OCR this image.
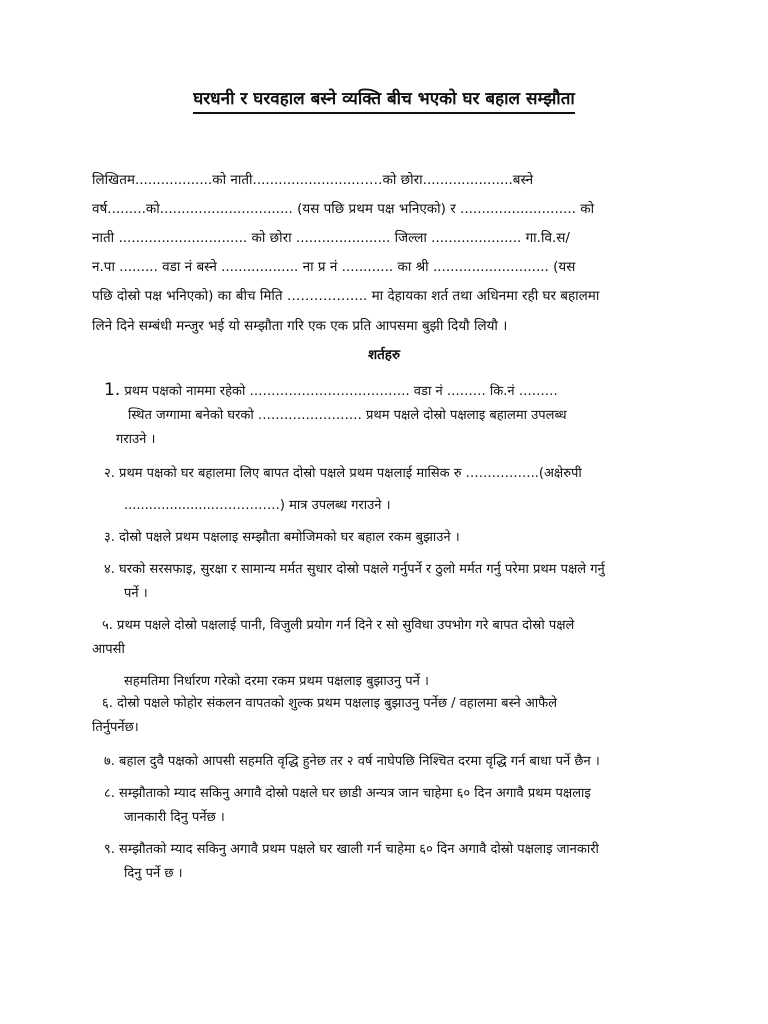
घरधनी र घरवहाल बस्ने व्यक्ति बीच भएको घर बहाल सम्झौता
लिखितम..................को नाती........................……को छोरा.....................बस्ने
वर्ष.........को............................... (यस पछि प्रथम पक्ष भनिएको) र ........................... को
नाती .............................. को छोरा ...................... जिल्ला ..................... गा.वि.स/
न.पा ......... वडा नं बस्ने .................. ना प्र नं ............ का श्री ........................... (यस
पछि दोस्रो पक्ष भनिएको) का बीच मिति ……………... मा देहायका शर्त तथा अधिनमा रही घर बहालमा
लिने दिने सम्बंधी मन्जुर भई यो सम्झौता गरि एक एक प्रति आपसमा बुझी दियौ लियौ ।
शर्तहरु
1. प्रथम पक्षको नाममा रहेको ………………………………. वडा नं ……… कि.नं ………
स्थित जग्गामा बनेको घरको …………………… प्रथम पक्षले दोस्रो पक्षलाइ बहालमा उपलब्ध
गराउने ।
२. प्रथम पक्षको घर बहालमा लिए बापत दोस्रो पक्षले प्रथम पक्षलाई मासिक रु ……………..(अक्षेरुपी
......................……………) मात्र उपलब्ध गराउने ।
३. दोस्रो पक्षले प्रथम पक्षलाइ सम्झौता बमोजिमको घर बहाल रकम बुझाउने ।
४. घरको सरसफाइ, सुरक्षा र सामान्य मर्मत सुधार दोस्रो पक्षले गर्नुपर्ने र ठुलो मर्मत गर्नु परेमा प्रथम पक्षले गर्नु
पर्ने ।
५. प्रथम पक्षले दोस्रो पक्षलाई पानी, विजुली प्रयोग गर्न दिने र सो सुविधा उपभोग गरे बापत दोस्रो पक्षले
आपसी
सहमतिमा निर्धारण गरेको दरमा रकम प्रथम पक्षलाइ बुझाउनु पर्ने ।
६. दोस्रो पक्षले फोहोर संकलन वापतको शुल्क प्रथम पक्षलाइ बुझाउनु पर्नेछ / वहालमा बस्ने आफैले
तिर्नुपर्नेछ।
७. बहाल दुवै पक्षको आपसी सहमति वृद्धि हुनेछ तर २ वर्ष नाघेपछि निश्चित दरमा वृद्धि गर्न बाधा पर्ने छैन ।
८. सम्झौताको म्याद सकिनु अगावै दोस्रो पक्षले घर छाडी अन्यत्र जान चाहेमा ६० दिन अगावै प्रथम पक्षलाइ
जानकारी दिनु पर्नेछ ।
९. सम्झौतको म्याद सकिनु अगावै प्रथम पक्षले घर खाली गर्न चाहेमा ६० दिन अगावै दोस्रो पक्षलाइ जानकारी
दिनु पर्ने छ ।
